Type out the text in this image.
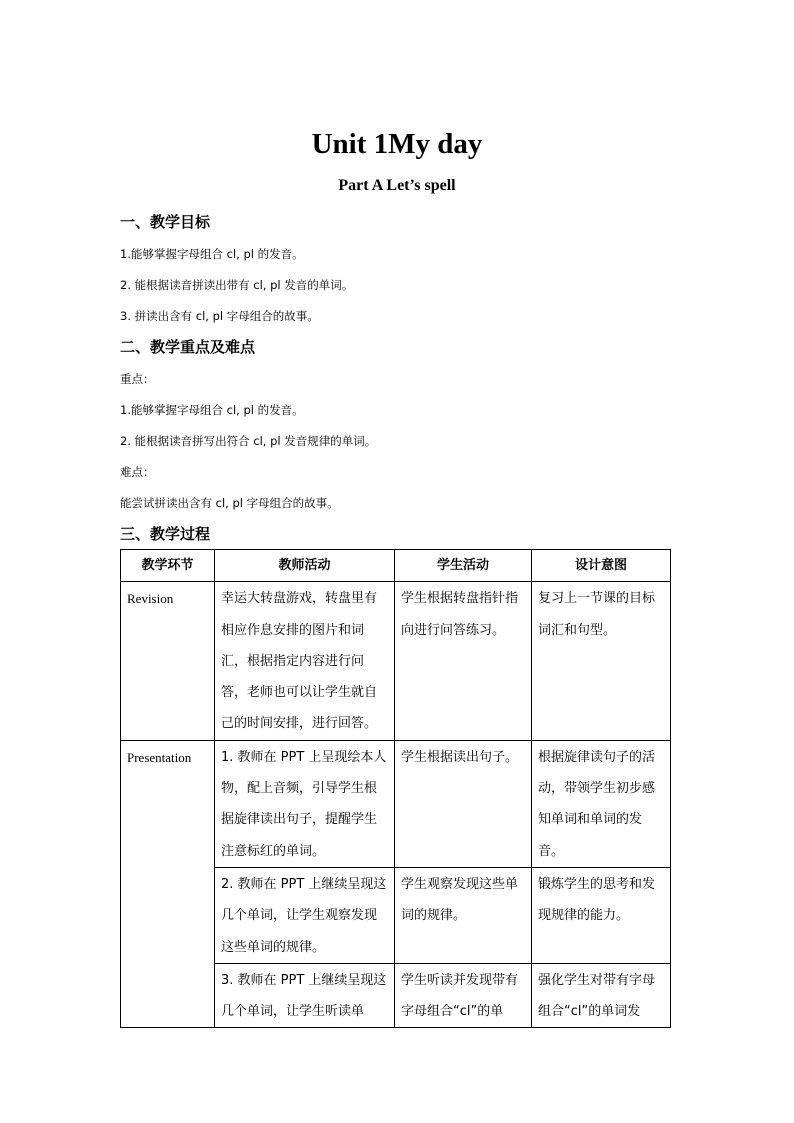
Unit 1My day
Part A Let’s spell
一、教学目标
1.能够掌握字母组合 cl, pl 的发音。
2. 能根据读音拼读出带有 cl, pl 发音的单词。
3. 拼读出含有 cl, pl 字母组合的故事。
二、教学重点及难点
重点：
1.能够掌握字母组合 cl, pl 的发音。
2. 能根据读音拼写出符合 cl, pl 发音规律的单词。
难点：
能尝试拼读出含有 cl, pl 字母组合的故事。
三、教学过程
教学环节	教师活动	学生活动	设计意图
Revision	幸运大转盘游戏，转盘里有相应作息安排的图片和词汇，根据指定内容进行问答，老师也可以让学生就自己的时间安排，进行回答。	学生根据转盘指针指向进行问答练习。	复习上一节课的目标词汇和句型。
Presentation	1. 教师在 PPT 上呈现绘本人物，配上音频，引导学生根据旋律读出句子，提醒学生注意标红的单词。	学生根据读出句子。	根据旋律读句子的活动，带领学生初步感知单词和单词的发音。
	2. 教师在 PPT 上继续呈现这几个单词，让学生观察发现这些单词的规律。	学生观察发现这些单词的规律。	锻炼学生的思考和发现规律的能力。
	3. 教师在 PPT 上继续呈现这几个单词，让学生听读单	学生听读并发现带有字母组合“cl”的单	强化学生对带有字母组合“cl”的单词发
